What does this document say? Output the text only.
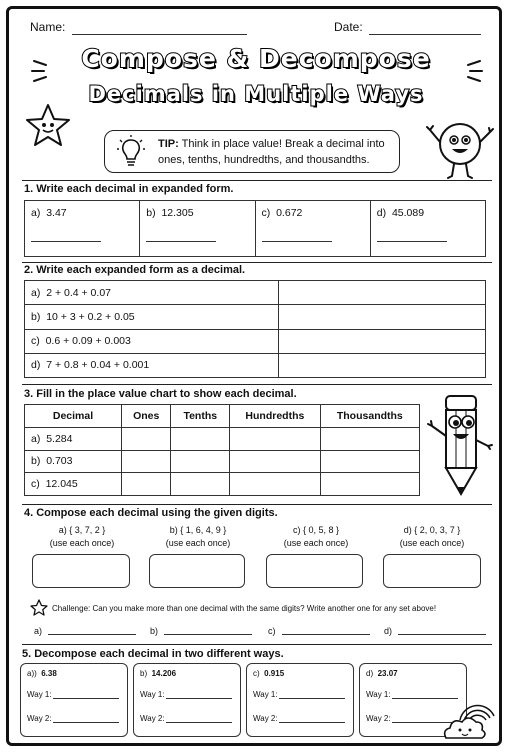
Name:	Date:
Compose & Decompose
Decimals in Multiple Ways
TIP: Think in place value! Break a decimal into
ones, tenths, hundredths, and thousandths.
1. Write each decimal in expanded form.
a) 3.47	b) 12.305	c) 0.672	d) 45.089
2. Write each expanded form as a decimal.
a) 2 + 0.4 + 0.07	
b) 10 + 3 + 0.2 + 0.05	
c) 0.6 + 0.09 + 0.003	
d) 7 + 0.8 + 0.04 + 0.001	
3. Fill in the place value chart to show each decimal.
Decimal	Ones	Tenths	Hundredths	Thousandths
a) 5.284				
b) 0.703				
c) 12.045				
4. Compose each decimal using the given digits.
a) { 3, 7, 2 }
(use each once)
b) { 1, 6, 4, 9 }
(use each once)
c) { 0, 5, 8 }
(use each once)
d) { 2, 0, 3, 7 }
(use each once)
Challenge: Can you make more than one decimal with the same digits? Write another one for any set above!
a)	b)	c)	d)
5. Decompose each decimal in two different ways.
a)) 6.38
Way 1:
Way 2:
b) 14.206
Way 1:
Way 2:
c) 0.915
Way 1:
Way 2:
d) 23.07
Way 1:
Way 2:
